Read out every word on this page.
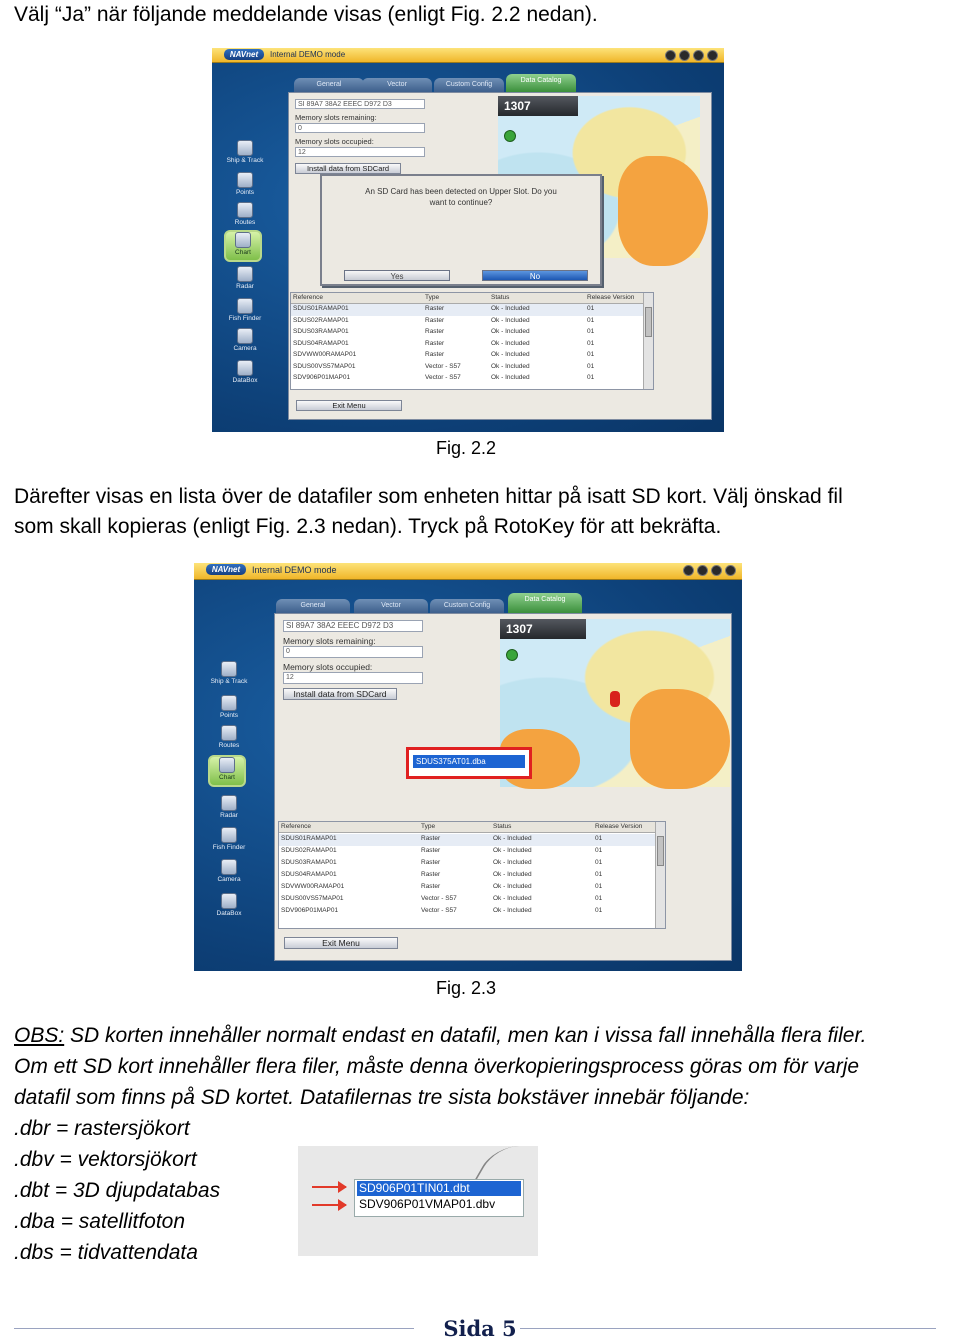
Välj “Ja” när följande meddelande visas (enligt Fig. 2.2 nedan).

NAVnet	Internal DEMO mode
General	Vector	Custom Config
Data Catalog
Ship & Track
Points
Routes
Chart
Radar
Fish Finder
Camera
DataBox
SI 89A7 38A2 EEEC D972 D3
Memory slots remaining:
0
Memory slots occupied:
12
Install data from SDCard
1307
Reference	Type	Status	Release Version
SDUS01RAMAP01	Raster	Ok - Included	01
SDUS02RAMAP01	Raster	Ok - Included	01
SDUS03RAMAP01	Raster	Ok - Included	01
SDUS04RAMAP01	Raster	Ok - Included	01
SDVWW00RAMAP01	Raster	Ok - Included	01
SDUS00VS57MAP01	Vector - S57	Ok - Included	01
SDV906P01MAP01	Vector - S57	Ok - Included	01
Exit Menu
An SD Card has been detected on Upper Slot. Do you
want to continue?
Yes	No
Fig. 2.2

Därefter visas en lista över de datafiler som enheten hittar på isatt SD kort. Välj önskad fil

som skall kopieras (enligt Fig. 2.3 nedan). Tryck på RotoKey för att bekräfta.

NAVnet	Internal DEMO mode
General	Vector	Custom Config
Data Catalog
Ship & Track
Points
Routes
Chart
Radar
Fish Finder
Camera
DataBox
SI 89A7 38A2 EEEC D972 D3
Memory slots remaining:
0
Memory slots occupied:
12
Install data from SDCard
1307
SDUS375AT01.dba
Reference	Type	Status	Release Version
SDUS01RAMAP01	Raster	Ok - Included	01
SDUS02RAMAP01	Raster	Ok - Included	01
SDUS03RAMAP01	Raster	Ok - Included	01
SDUS04RAMAP01	Raster	Ok - Included	01
SDVWW00RAMAP01	Raster	Ok - Included	01
SDUS00VS57MAP01	Vector - S57	Ok - Included	01
SDV906P01MAP01	Vector - S57	Ok - Included	01
Exit Menu
Fig. 2.3

OBS: SD korten innehåller normalt endast en datafil, men kan i vissa fall innehålla flera filer.

Om ett SD kort innehåller flera filer, måste denna överkopieringsprocess göras om för varje

datafil som finns på SD kortet. Datafilernas tre sista bokstäver innebär följande:

.dbr = rastersjökort

.dbv = vektorsjökort

.dbt = 3D djupdatabas

.dba = satellitfoton

.dbs = tidvattendata

SD906P01TIN01.dbt
SDV906P01VMAP01.dbv
Sida 5
